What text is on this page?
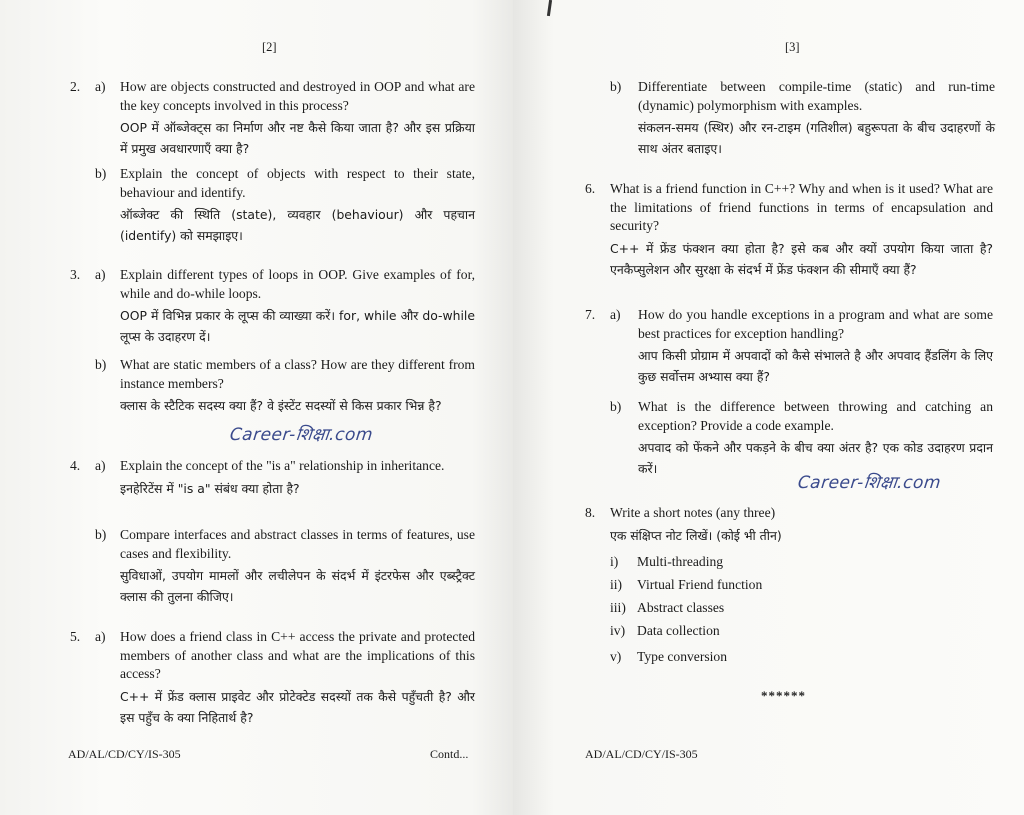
[2]
2. a) How are objects constructed and destroyed in OOP and what are the key concepts involved in this process?
OOP में ऑब्जेक्ट्स का निर्माण और नष्ट कैसे किया जाता है? और इस प्रक्रिया में प्रमुख अवधारणाएँ क्या है?
b) Explain the concept of objects with respect to their state, behaviour and identify.
ऑब्जेक्ट की स्थिति (state), व्यवहार (behaviour) और पहचान (identify) को समझाइए।
3. a) Explain different types of loops in OOP. Give examples of for, while and do-while loops.
OOP में विभिन्न प्रकार के लूप्स की व्याख्या करें। for, while और do-while लूप्स के उदाहरण दें।
b) What are static members of a class? How are they different from instance members?
क्लास के स्टैटिक सदस्य क्या हैं? वे इंस्टेंट सदस्यों से किस प्रकार भिन्न है?
Career-शिक्षा.com
4. a) Explain the concept of the "is a" relationship in inheritance.
इनहेरिटेंस में "is a" संबंध क्या होता है?
b) Compare interfaces and abstract classes in terms of features, use cases and flexibility.
सुविधाओं, उपयोग मामलों और लचीलेपन के संदर्भ में इंटरफेस और एब्स्ट्रैक्ट क्लास की तुलना कीजिए।
5. a) How does a friend class in C++ access the private and protected members of another class and what are the implications of this access?
C++ में फ्रेंड क्लास प्राइवेट और प्रोटेक्टेड सदस्यों तक कैसे पहुँचती है? और इस पहुँच के क्या निहितार्थ है?
AD/AL/CD/CY/IS-305	Contd...
[3]
b) Differentiate between compile-time (static) and run-time (dynamic) polymorphism with examples.
संकलन-समय (स्थिर) और रन-टाइम (गतिशील) बहुरूपता के बीच उदाहरणों के साथ अंतर बताइए।
6. What is a friend function in C++? Why and when is it used? What are the limitations of friend functions in terms of encapsulation and security?
C++ में फ्रेंड फंक्शन क्या होता है? इसे कब और क्यों उपयोग किया जाता है? एनकैप्सुलेशन और सुरक्षा के संदर्भ में फ्रेंड फंक्शन की सीमाएँ क्या हैं?
7. a) How do you handle exceptions in a program and what are some best practices for exception handling?
आप किसी प्रोग्राम में अपवादों को कैसे संभालते है और अपवाद हैंडलिंग के लिए कुछ सर्वोत्तम अभ्यास क्या हैं?
b) What is the difference between throwing and catching an exception? Provide a code example.
अपवाद को फेंकने और पकड़ने के बीच क्या अंतर है? एक कोड उदाहरण प्रदान करें।
Career-शिक्षा.com
8. Write a short notes (any three)
एक संक्षिप्त नोट लिखें। (कोई भी तीन)
i) Multi-threading
ii) Virtual Friend function
iii) Abstract classes
iv) Data collection
v) Type conversion
******
AD/AL/CD/CY/IS-305
